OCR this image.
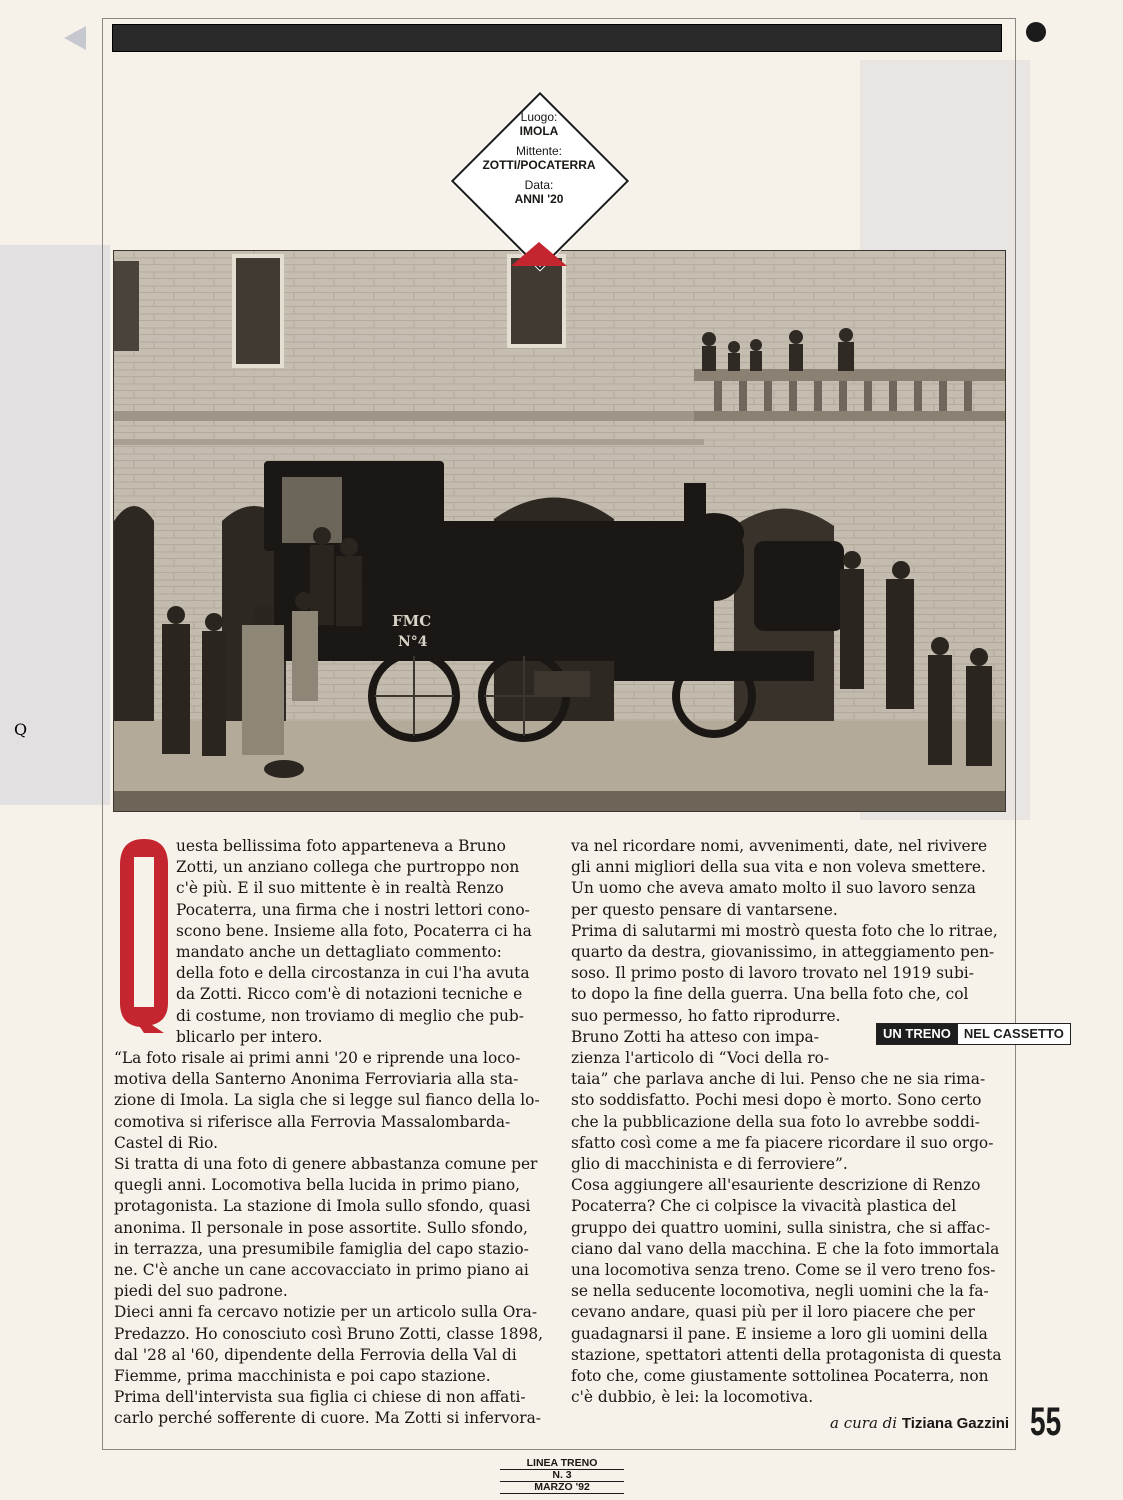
FMC
N°4
Luogo:
IMOLA
Mittente:
ZOTTI/POCATERRA
Data:
ANNI '20
Q

uesta bellissima foto apparteneva a Bruno

Zotti, un anziano collega che purtroppo non

c'è più. E il suo mittente è in realtà Renzo

Pocaterra, una firma che i nostri lettori cono-

scono bene. Insieme alla foto, Pocaterra ci ha

mandato anche un dettagliato commento:

della foto e della circostanza in cui l'ha avuta

da Zotti. Ricco com'è di notazioni tecniche e

di costume, non troviamo di meglio che pub-

blicarlo per intero.

“La foto risale ai primi anni '20 e riprende una loco-

motiva della Santerno Anonima Ferroviaria alla sta-

zione di Imola. La sigla che si legge sul fianco della lo-

comotiva si riferisce alla Ferrovia Massalombarda-

Castel di Rio.

Si tratta di una foto di genere abbastanza comune per

quegli anni. Locomotiva bella lucida in primo piano,

protagonista. La stazione di Imola sullo sfondo, quasi

anonima. Il personale in pose assortite. Sullo sfondo,

in terrazza, una presumibile famiglia del capo stazio-

ne. C'è anche un cane accovacciato in primo piano ai

piedi del suo padrone.

Dieci anni fa cercavo notizie per un articolo sulla Ora-

Predazzo. Ho conosciuto così Bruno Zotti, classe 1898,

dal '28 al '60, dipendente della Ferrovia della Val di

Fiemme, prima macchinista e poi capo stazione.

Prima dell'intervista sua figlia ci chiese di non affati-

carlo perché sofferente di cuore. Ma Zotti si infervora-

va nel ricordare nomi, avvenimenti, date, nel rivivere

gli anni migliori della sua vita e non voleva smettere.

Un uomo che aveva amato molto il suo lavoro senza

per questo pensare di vantarsene.

Prima di salutarmi mi mostrò questa foto che lo ritrae,

quarto da destra, giovanissimo, in atteggiamento pen-

soso. Il primo posto di lavoro trovato nel 1919 subi-

to dopo la fine della guerra. Una bella foto che, col

suo permesso, ho fatto riprodurre.

Bruno Zotti ha atteso con impa-

zienza l'articolo di “Voci della ro-

taia” che parlava anche di lui. Penso che ne sia rima-

sto soddisfatto. Pochi mesi dopo è morto. Sono certo

che la pubblicazione della sua foto lo avrebbe soddi-

sfatto così come a me fa piacere ricordare il suo orgo-

glio di macchinista e di ferroviere”.

Cosa aggiungere all'esauriente descrizione di Renzo

Pocaterra? Che ci colpisce la vivacità plastica del

gruppo dei quattro uomini, sulla sinistra, che si affac-

ciano dal vano della macchina. E che la foto immortala

una locomotiva senza treno. Come se il vero treno fos-

se nella seducente locomotiva, negli uomini che la fa-

cevano andare, quasi più per il loro piacere che per

guadagnarsi il pane. E insieme a loro gli uomini della

stazione, spettatori attenti della protagonista di questa

foto che, come giustamente sottolinea Pocaterra, non

c'è dubbio, è lei: la locomotiva.

UN TRENO	NEL CASSETTO
a cura di Tiziana Gazzini 55
LINEA TRENO
N. 3
MARZO '92
